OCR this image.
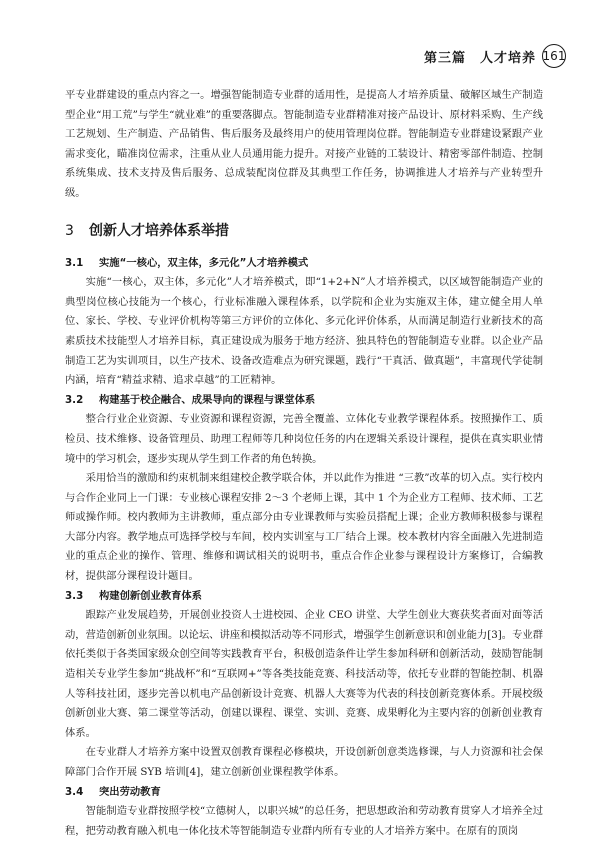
第三篇　人才培养 161

平专业群建设的重点内容之一。增强智能制造专业群的适用性，是提高人才培养质量、破解区域生产制造型企业“用工荒”与学生“就业难”的重要落脚点。智能制造专业群精准对接产品设计、原材料采购、生产线工艺规划、生产制造、产品销售、售后服务及最终用户的使用管理岗位群。智能制造专业群建设紧跟产业需求变化，瞄准岗位需求，注重从业人员通用能力提升。对接产业链的工装设计、精密零部件制造、控制系统集成、技术支持及售后服务、总成装配岗位群及其典型工作任务，协调推进人才培养与产业转型升级。

3 创新人才培养体系举措
3.1 实施“一核心，双主体，多元化”人才培养模式

实施“一核心，双主体，多元化”人才培养模式，即“1+2+N”人才培养模式，以区域智能制造产业的典型岗位核心技能为一个核心，行业标准融入课程体系，以学院和企业为实施双主体，建立健全用人单位、家长、学校、专业评价机构等第三方评价的立体化、多元化评价体系，从而满足制造行业新技术的高素质技术技能型人才培养目标，真正建设成为服务于地方经济、独具特色的智能制造专业群。以企业产品制造工艺为实训项目，以生产技术、设备改造难点为研究课题，践行“干真活、做真题”，丰富现代学徒制内涵，培育“精益求精、追求卓越”的工匠精神。

3.2 构建基于校企融合、成果导向的课程与课堂体系

整合行业企业资源、专业资源和课程资源，完善全覆盖、立体化专业教学课程体系。按照操作工、质检员、技术维修、设备管理员、助理工程师等几种岗位任务的内在逻辑关系设计课程，提供在真实职业情境中的学习机会，逐步实现从学生到工作者的角色转换。

采用恰当的激励和约束机制来组建校企教学联合体，并以此作为推进 “三教”改革的切入点。实行校内与合作企业同上一门课：专业核心课程安排 2～3 个老师上课，其中 1 个为企业方工程师、技术师、工艺师或操作师。校内教师为主讲教师，重点部分由专业课教师与实验员搭配上课；企业方教师积极参与课程大部分内容。教学地点可选择学校与车间，校内实训室与工厂结合上课。校本教材内容全面融入先进制造业的重点企业的操作、管理、维修和调试相关的说明书，重点合作企业参与课程设计方案修订，合编教材，提供部分课程设计题目。

3.3 构建创新创业教育体系

跟踪产业发展趋势，开展创业投资人士进校园、企业 CEO 讲堂、大学生创业大赛获奖者面对面等活动，营造创新创业氛围。以论坛、讲座和模拟活动等不同形式，增强学生创新意识和创业能力[3]。专业群依托类似于各类国家级众创空间等实践教育平台，积极创造条件让学生参加科研和创新活动，鼓励智能制造相关专业学生参加“挑战杯”和“互联网+”等各类技能竞赛、科技活动等，依托专业群的智能控制、机器人等科技社团，逐步完善以机电产品创新设计竞赛、机器人大赛等为代表的科技创新竞赛体系。开展校级创新创业大赛、第二课堂等活动，创建以课程、课堂、实训、竞赛、成果孵化为主要内容的创新创业教育体系。

在专业群人才培养方案中设置双创教育课程必修模块，开设创新创意类选修课，与人力资源和社会保障部门合作开展 SYB 培训[4]，建立创新创业课程教学体系。

3.4 突出劳动教育

智能制造专业群按照学校“立德树人，以职兴城”的总任务，把思想政治和劳动教育贯穿人才培养全过程，把劳动教育融入机电一体化技术等智能制造专业群内所有专业的人才培养方案中。在原有的顶岗
